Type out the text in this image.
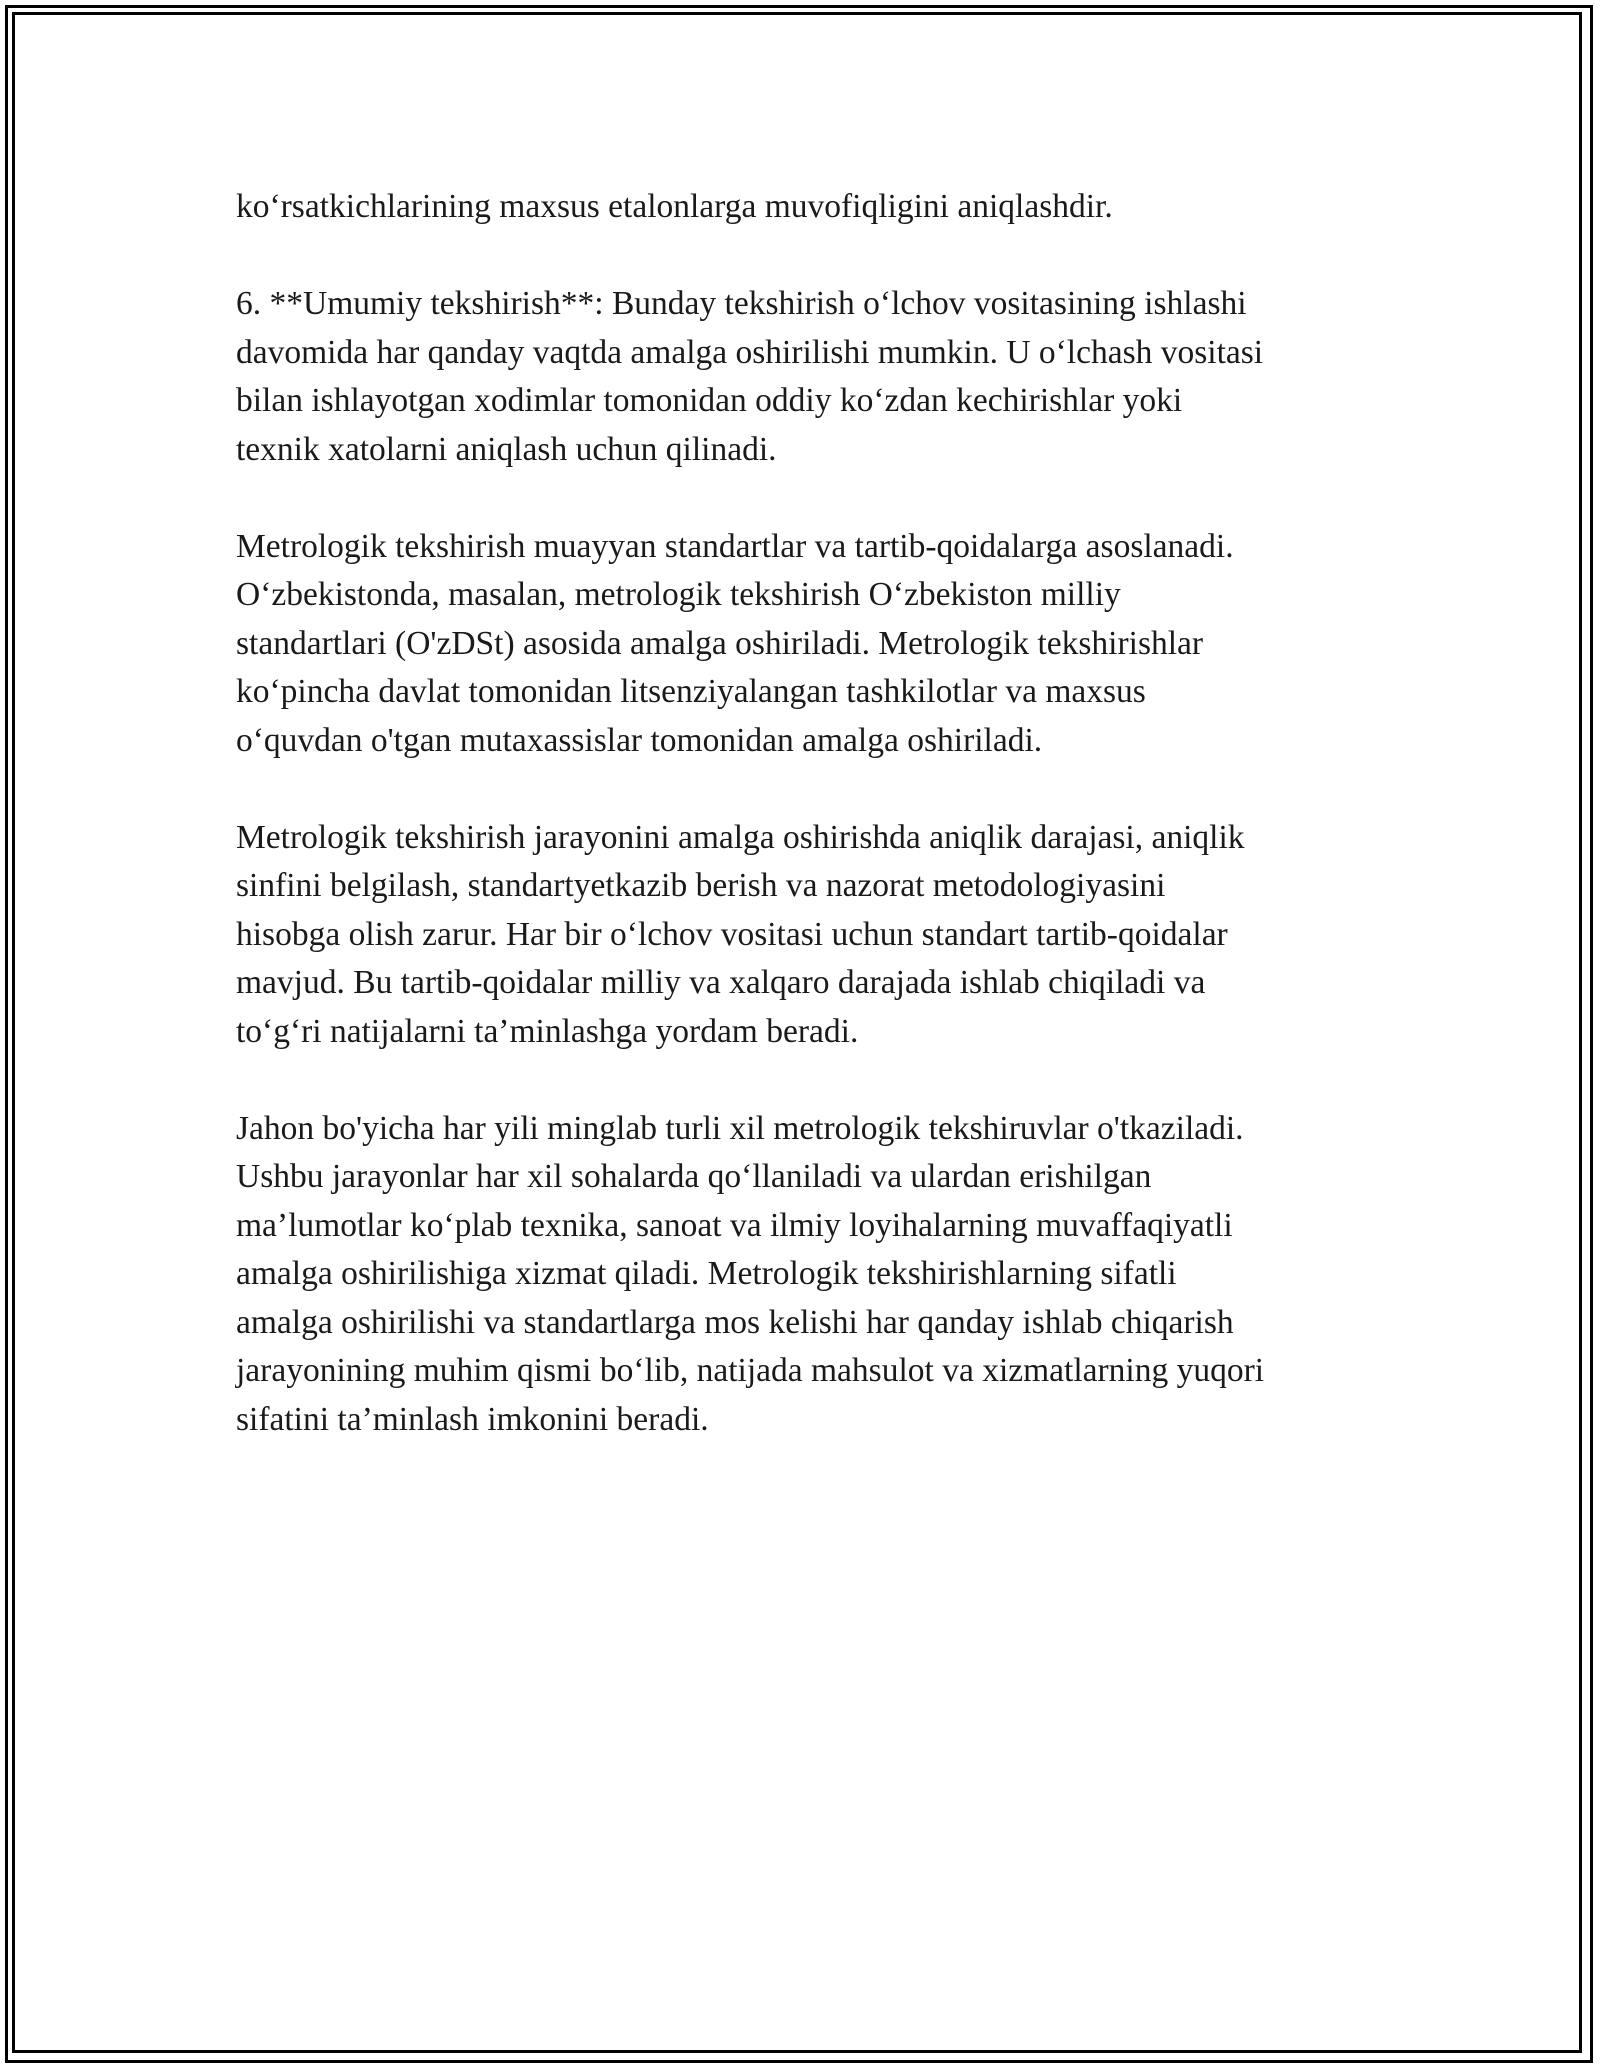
ko‘rsatkichlarining maxsus etalonlarga muvofiqligini aniqlashdir.

6. **Umumiy tekshirish**: Bunday tekshirish o‘lchov vositasining ishlashi
davomida har qanday vaqtda amalga oshirilishi mumkin. U o‘lchash vositasi
bilan ishlayotgan xodimlar tomonidan oddiy ko‘zdan kechirishlar yoki
texnik xatolarni aniqlash uchun qilinadi.

Metrologik tekshirish muayyan standartlar va tartib-qoidalarga asoslanadi.
O‘zbekistonda, masalan, metrologik tekshirish O‘zbekiston milliy
standartlari (O'zDSt) asosida amalga oshiriladi. Metrologik tekshirishlar
ko‘pincha davlat tomonidan litsenziyalangan tashkilotlar va maxsus
o‘quvdan o'tgan mutaxassislar tomonidan amalga oshiriladi.

Metrologik tekshirish jarayonini amalga oshirishda aniqlik darajasi, aniqlik
sinfini belgilash, standartyetkazib berish va nazorat metodologiyasini
hisobga olish zarur. Har bir o‘lchov vositasi uchun standart tartib-qoidalar
mavjud. Bu tartib-qoidalar milliy va xalqaro darajada ishlab chiqiladi va
to‘g‘ri natijalarni ta’minlashga yordam beradi.

Jahon bo'yicha har yili minglab turli xil metrologik tekshiruvlar o'tkaziladi.
Ushbu jarayonlar har xil sohalarda qo‘llaniladi va ulardan erishilgan
ma’lumotlar ko‘plab texnika, sanoat va ilmiy loyihalarning muvaffaqiyatli
amalga oshirilishiga xizmat qiladi. Metrologik tekshirishlarning sifatli
amalga oshirilishi va standartlarga mos kelishi har qanday ishlab chiqarish
jarayonining muhim qismi bo‘lib, natijada mahsulot va xizmatlarning yuqori
sifatini ta’minlash imkonini beradi.
